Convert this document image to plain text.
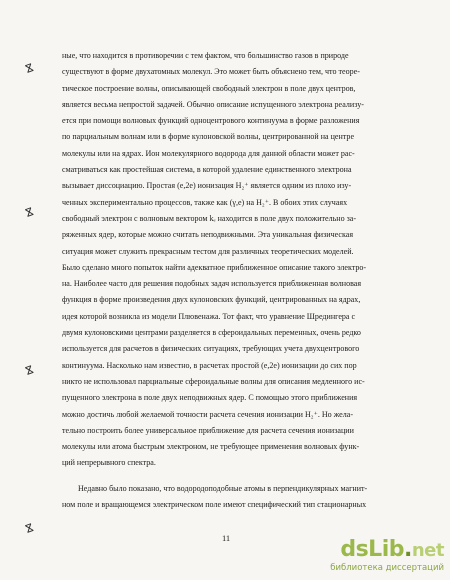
ⴵ
ⴵ
ⴵ
ⴵ
ные, что находится в противоречии с тем фактом, что большинство газов в природе
существуют в форме двухатомных молекул. Это может быть объяснено тем, что теоре-
тическое построение волны, описывающей свободный электрон в поле двух центров,
является весьма непростой задачей. Обычно описание испущенного электрона реализу-
ется при помощи волновых функций одноцентрового континуума в форме разложения
по парциальным волнам или в форме кулоновской волны, центрированной на центре
молекулы или на ядрах. Ион молекулярного водорода для данной области может рас-
сматриваться как простейшая система, в которой удаление единственного электрона
вызывает диссоциацию. Простая (e,2e) ионизация H₂⁺ является одним из плохо изу-
ченных экспериментально процессов, также как (γ,e) на H₂⁺. В обоих этих случаях
свободный электрон с волновым вектором kₑ находится в поле двух положительно за-
ряженных ядер, которые можно считать неподвижными. Эта уникальная физическая
ситуация может служить прекрасным тестом для различных теоретических моделей.
Было сделано много попыток найти адекватное приближенное описание такого электро-
на. Наиболее часто для решения подобных задач используется приближенная волновая
функция в форме произведения двух кулоновских функций, центрированных на ядрах,
идея которой возникла из модели Плювенажа. Тот факт, что уравнение Шредингера с
двумя кулоновскими центрами разделяется в сфероидальных переменных, очень редко
используется для расчетов в физических ситуациях, требующих учета двухцентрового
континуума. Насколько нам известно, в расчетах простой (e,2e) ионизации до сих пор
никто не использовал парциальные сфероидальные волны для описания медленного ис-
пущенного электрона в поле двух неподвижных ядер. С помощью этого приближения
можно достичь любой желаемой точности расчета сечения ионизации H₂⁺. Но жела-
тельно построить более универсальное приближение для расчета сечения ионизации
молекулы или атома быстрым электроном, не требующее применения волновых функ-
ций непрерывного спектра.
Недавно было показано, что водородоподобные атомы в перпендикулярных магнит-
ном поле и вращающемся электрическом поле имеют специфический тип стационарных
11	dsLib.net
библиотека диссертаций
